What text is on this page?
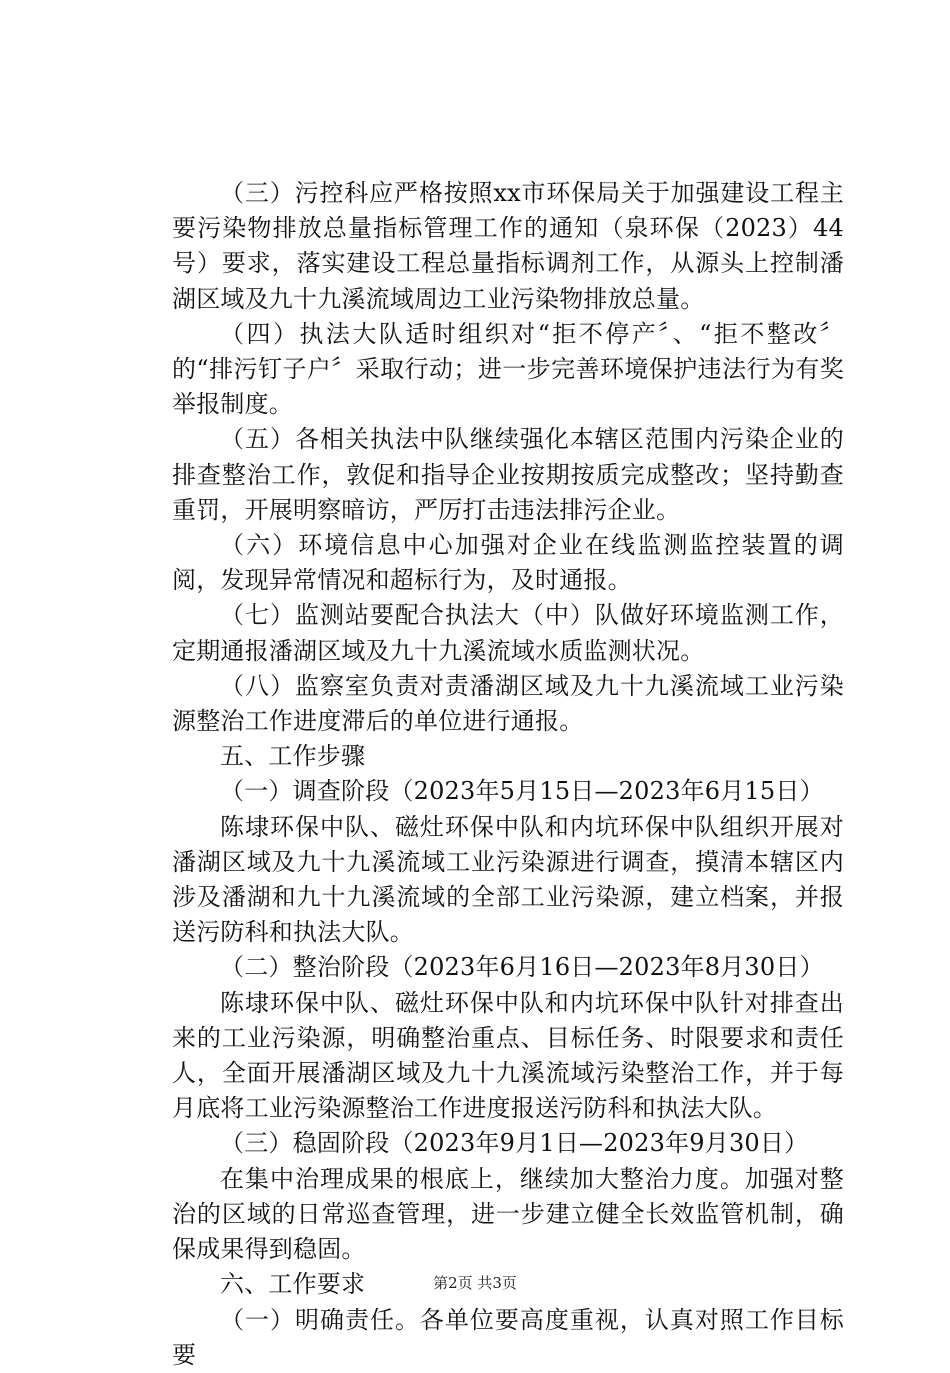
（三）污控科应严格按照xx市环保局关于加强建设工程主要污染物排放总量指标管理工作的通知（泉环保（2023）44号）要求，落实建设工程总量指标调剂工作，从源头上控制潘湖区域及九十九溪流域周边工业污染物排放总量。

（四）执法大队适时组织对“拒不停产〞、“拒不整改〞的“排污钉子户〞采取行动；进一步完善环境保护违法行为有奖举报制度。

（五）各相关执法中队继续强化本辖区范围内污染企业的排查整治工作，敦促和指导企业按期按质完成整改；坚持勤查重罚，开展明察暗访，严厉打击违法排污企业。

（六）环境信息中心加强对企业在线监测监控装置的调阅，发现异常情况和超标行为，及时通报。

（七）监测站要配合执法大（中）队做好环境监测工作，定期通报潘湖区域及九十九溪流域水质监测状况。

（八）监察室负责对责潘湖区域及九十九溪流域工业污染源整治工作进度滞后的单位进行通报。

五、工作步骤

（一）调查阶段（2023年5月15日—2023年6月15日）

陈埭环保中队、磁灶环保中队和内坑环保中队组织开展对潘湖区域及九十九溪流域工业污染源进行调查，摸清本辖区内涉及潘湖和九十九溪流域的全部工业污染源，建立档案，并报送污防科和执法大队。

（二）整治阶段（2023年6月16日—2023年8月30日）

陈埭环保中队、磁灶环保中队和内坑环保中队针对排查出来的工业污染源，明确整治重点、目标任务、时限要求和责任人，全面开展潘湖区域及九十九溪流域污染整治工作，并于每月底将工业污染源整治工作进度报送污防科和执法大队。

（三）稳固阶段（2023年9月1日—2023年9月30日）

在集中治理成果的根底上，继续加大整治力度。加强对整治的区域的日常巡查管理，进一步建立健全长效监管机制，确保成果得到稳固。

六、工作要求

（一）明确责任。各单位要高度重视，认真对照工作目标要

第2页 共3页
